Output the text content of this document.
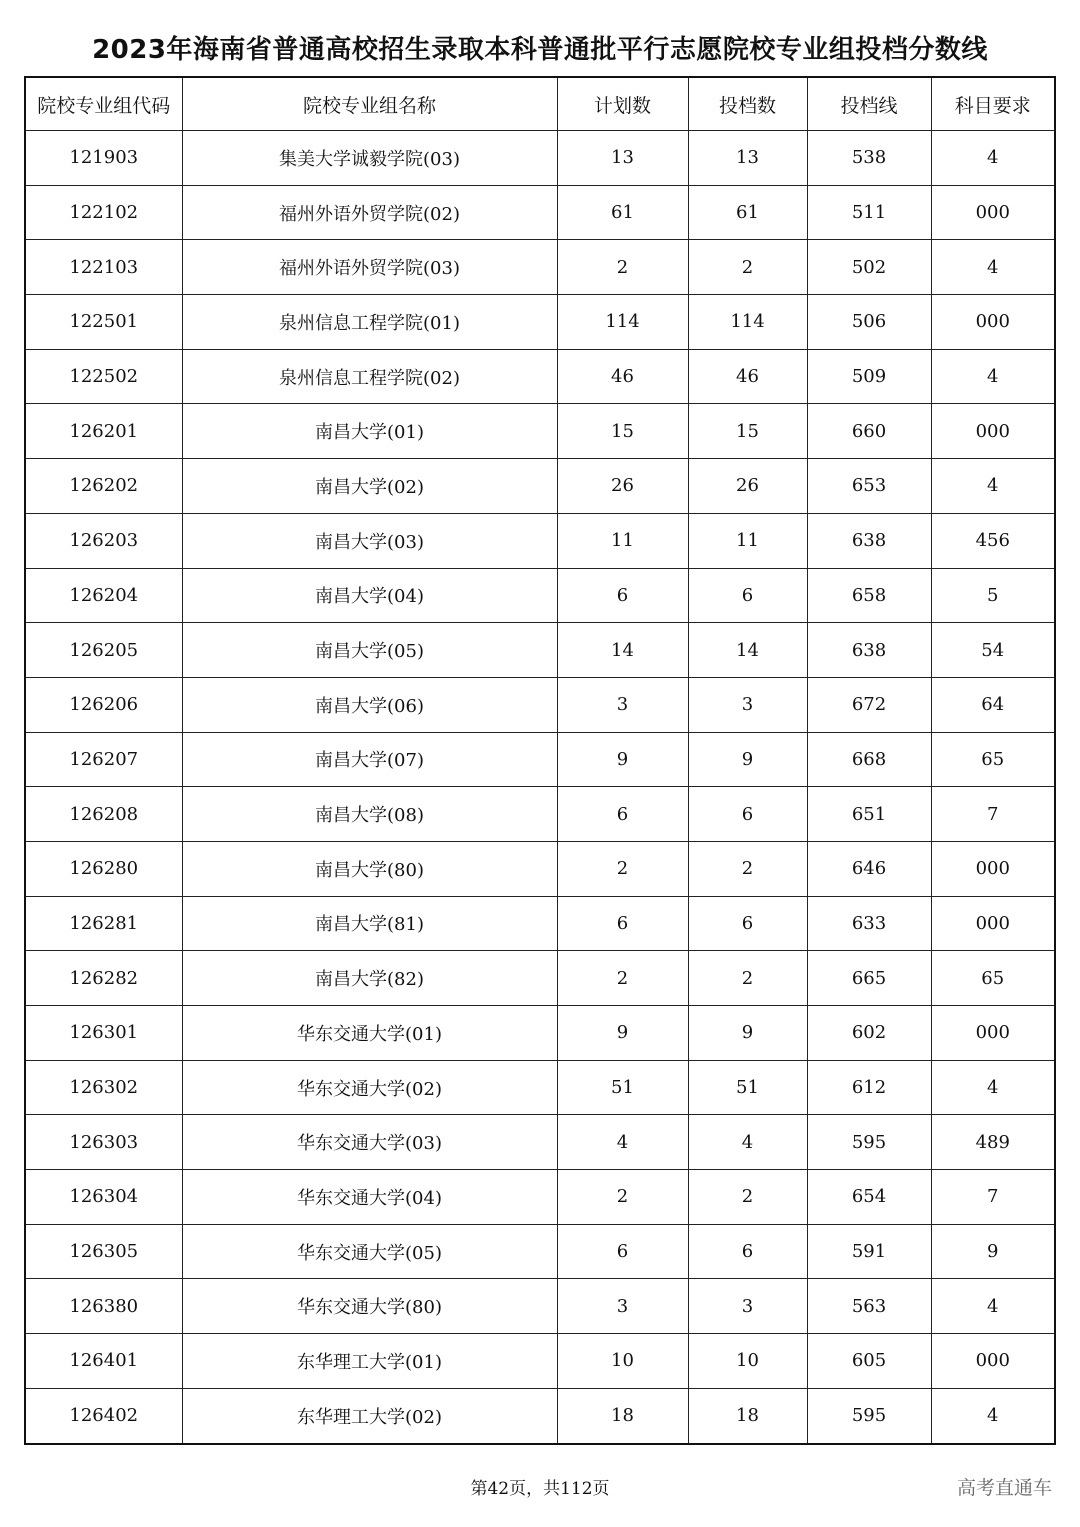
2023年海南省普通高校招生录取本科普通批平行志愿院校专业组投档分数线
院校专业组代码	院校专业组名称	计划数	投档数	投档线	科目要求
121903	集美大学诚毅学院(03)	13	13	538	4
122102	福州外语外贸学院(02)	61	61	511	000
122103	福州外语外贸学院(03)	2	2	502	4
122501	泉州信息工程学院(01)	114	114	506	000
122502	泉州信息工程学院(02)	46	46	509	4
126201	南昌大学(01)	15	15	660	000
126202	南昌大学(02)	26	26	653	4
126203	南昌大学(03)	11	11	638	456
126204	南昌大学(04)	6	6	658	5
126205	南昌大学(05)	14	14	638	54
126206	南昌大学(06)	3	3	672	64
126207	南昌大学(07)	9	9	668	65
126208	南昌大学(08)	6	6	651	7
126280	南昌大学(80)	2	2	646	000
126281	南昌大学(81)	6	6	633	000
126282	南昌大学(82)	2	2	665	65
126301	华东交通大学(01)	9	9	602	000
126302	华东交通大学(02)	51	51	612	4
126303	华东交通大学(03)	4	4	595	489
126304	华东交通大学(04)	2	2	654	7
126305	华东交通大学(05)	6	6	591	9
126380	华东交通大学(80)	3	3	563	4
126401	东华理工大学(01)	10	10	605	000
126402	东华理工大学(02)	18	18	595	4
第42页，共112页	高考直通车
